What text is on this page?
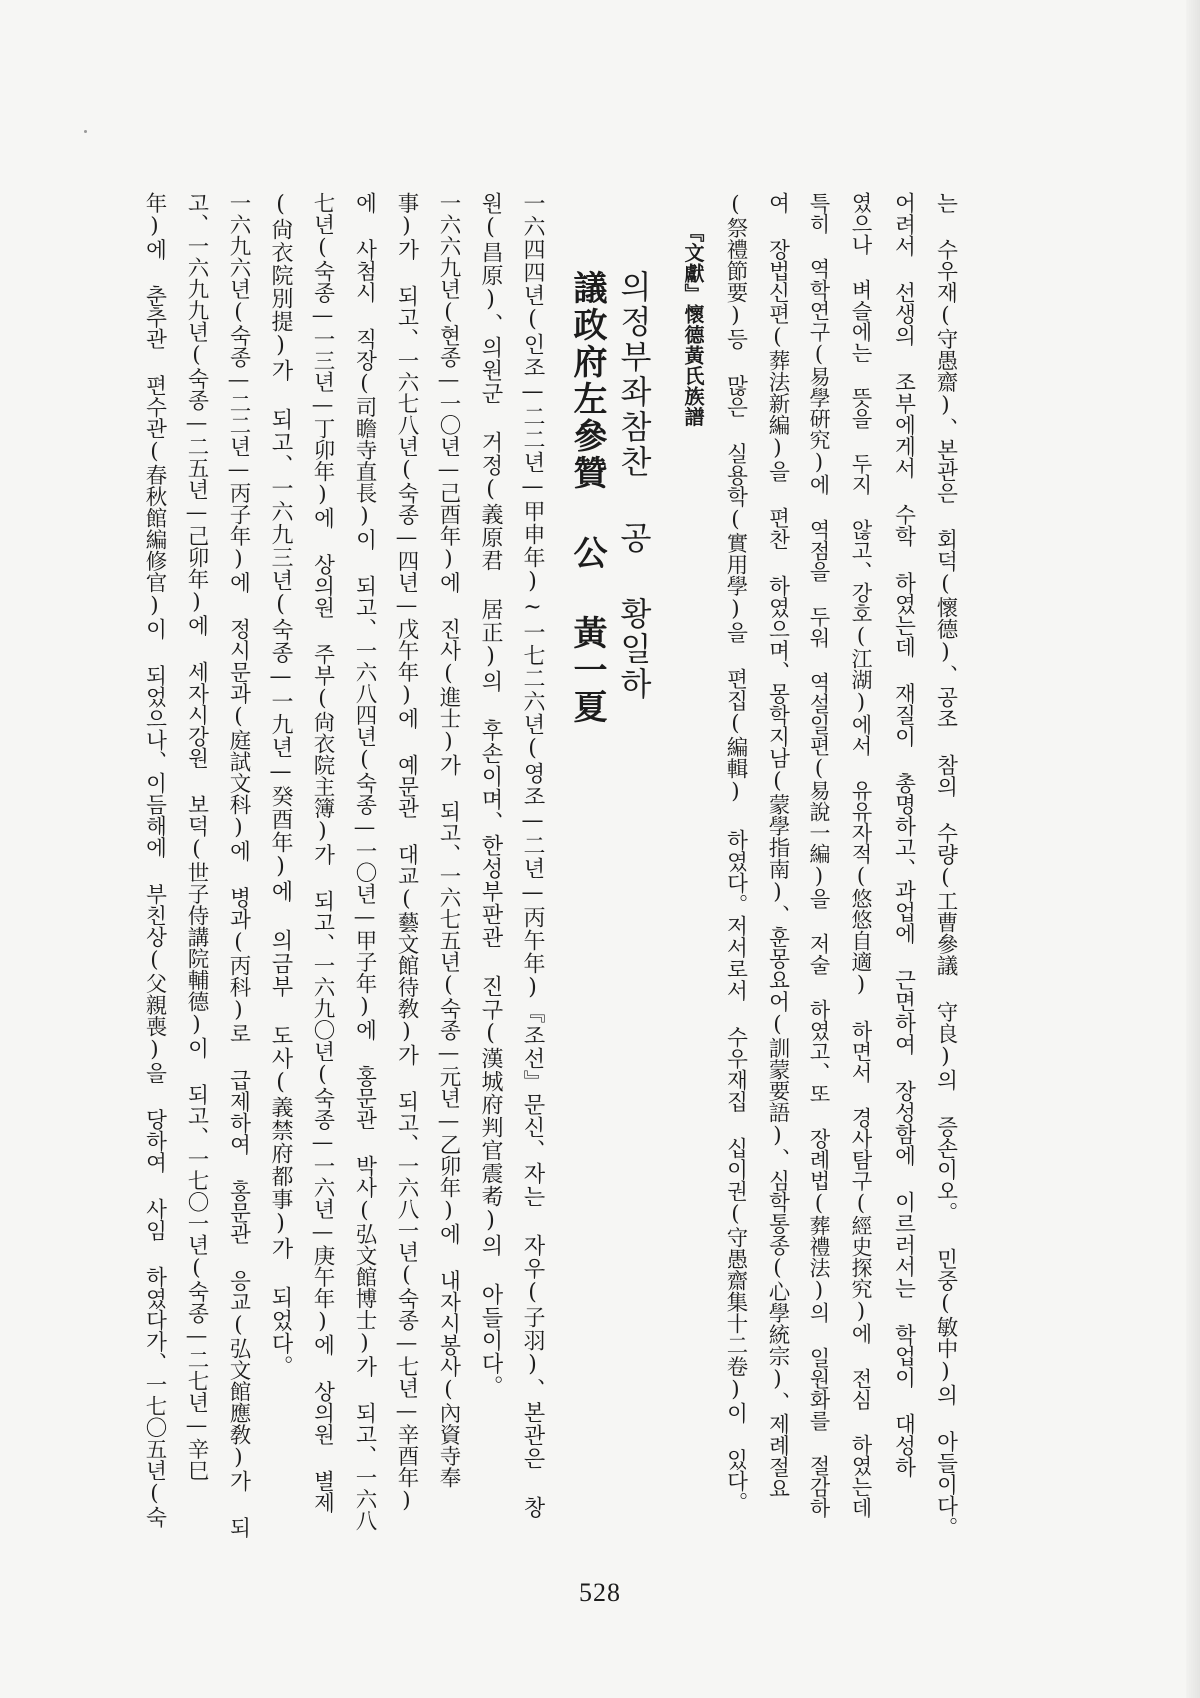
는 수우재(守愚齋)、본관은 회덕(懷德)、공조 참의 수량(工曹參議 守良)의 증손이오。 민중(敏中)의 아들이다。
어려서 선생의 조부에게서 수학 하였는데 재질이 총명하고、과업에 근면하여 장성함에 이르러서는 학업이 대성하
였으나 벼슬에는 뜻을 두지 않고、강호(江湖)에서 유유자적(悠悠自適) 하면서 경사탐구(經史探究)에 전심 하였는데
특히 역학연구(易學硏究)에 역점을 두워 역설일편(易說一編)을 저술 하였고、또 장례법(葬禮法)의 일원화를 절감하
여 장법신편(葬法新編)을 편찬 하였으며、몽학지남(蒙學指南)、훈몽요어(訓蒙要語)、심학통종(心學統宗)、제례절요
(祭禮節要)등 많은 실용학(實用學)을 편집(編輯) 하였다。저서로서 수우재집 십이권(守愚齋集十二卷)이 있다。
『文獻』懷德黃氏族譜
의정부좌참찬 공 황일하
議政府左參贊 公 黃一夏
一六四四년(인조—二二년—甲申年)~一七二六년(영조—二년—丙午年)『조선』문신、자는 자우(子羽)、본관은 창
원(昌原)、의원군 거정(義原君 居正)의 후손이며、한성부판관 진구(漢城府判官震耇)의 아들이다。
一六六九년(현종—一〇년—己酉年)에 진사(進士)가 되고、一六七五년(숙종—元년—乙卯年)에 내자시봉사(內資寺奉
事)가 되고、一六七八년(숙종—四년—戊午年)에 예문관 대교(藝文館待敎)가 되고、一六八一년(숙종—七년—辛酉年)
에 사첨시 직장(司瞻寺直長)이 되고、一六八四년(숙종—一〇년—甲子年)에 홍문관 박사(弘文館博士)가 되고、一六八
七년(숙종—一三년—丁卯年)에 상의원 주부(尙衣院主簿)가 되고、一六九〇년(숙종—一六년—庚午年)에 상의원 별제
(尙衣院別提)가 되고、一六九三년(숙종—一九년—癸酉年)에 의금부 도사(義禁府都事)가 되었다。
一六九六년(숙종—二二년—丙子年)에 정시문과(庭試文科)에 병과(丙科)로 급제하여 홍문관 응교(弘文館應敎)가 되
고、一六九九년(숙종—二五년—己卯年)에 세자시강원 보덕(世子侍講院輔德)이 되고、一七〇一년(숙종—二七년—辛巳
年)에 춘추관 편수관(春秋館編修官)이 되었으나、이듬해에 부친상(父親喪)을 당하여 사임 하였다가、一七〇五년(숙
528
